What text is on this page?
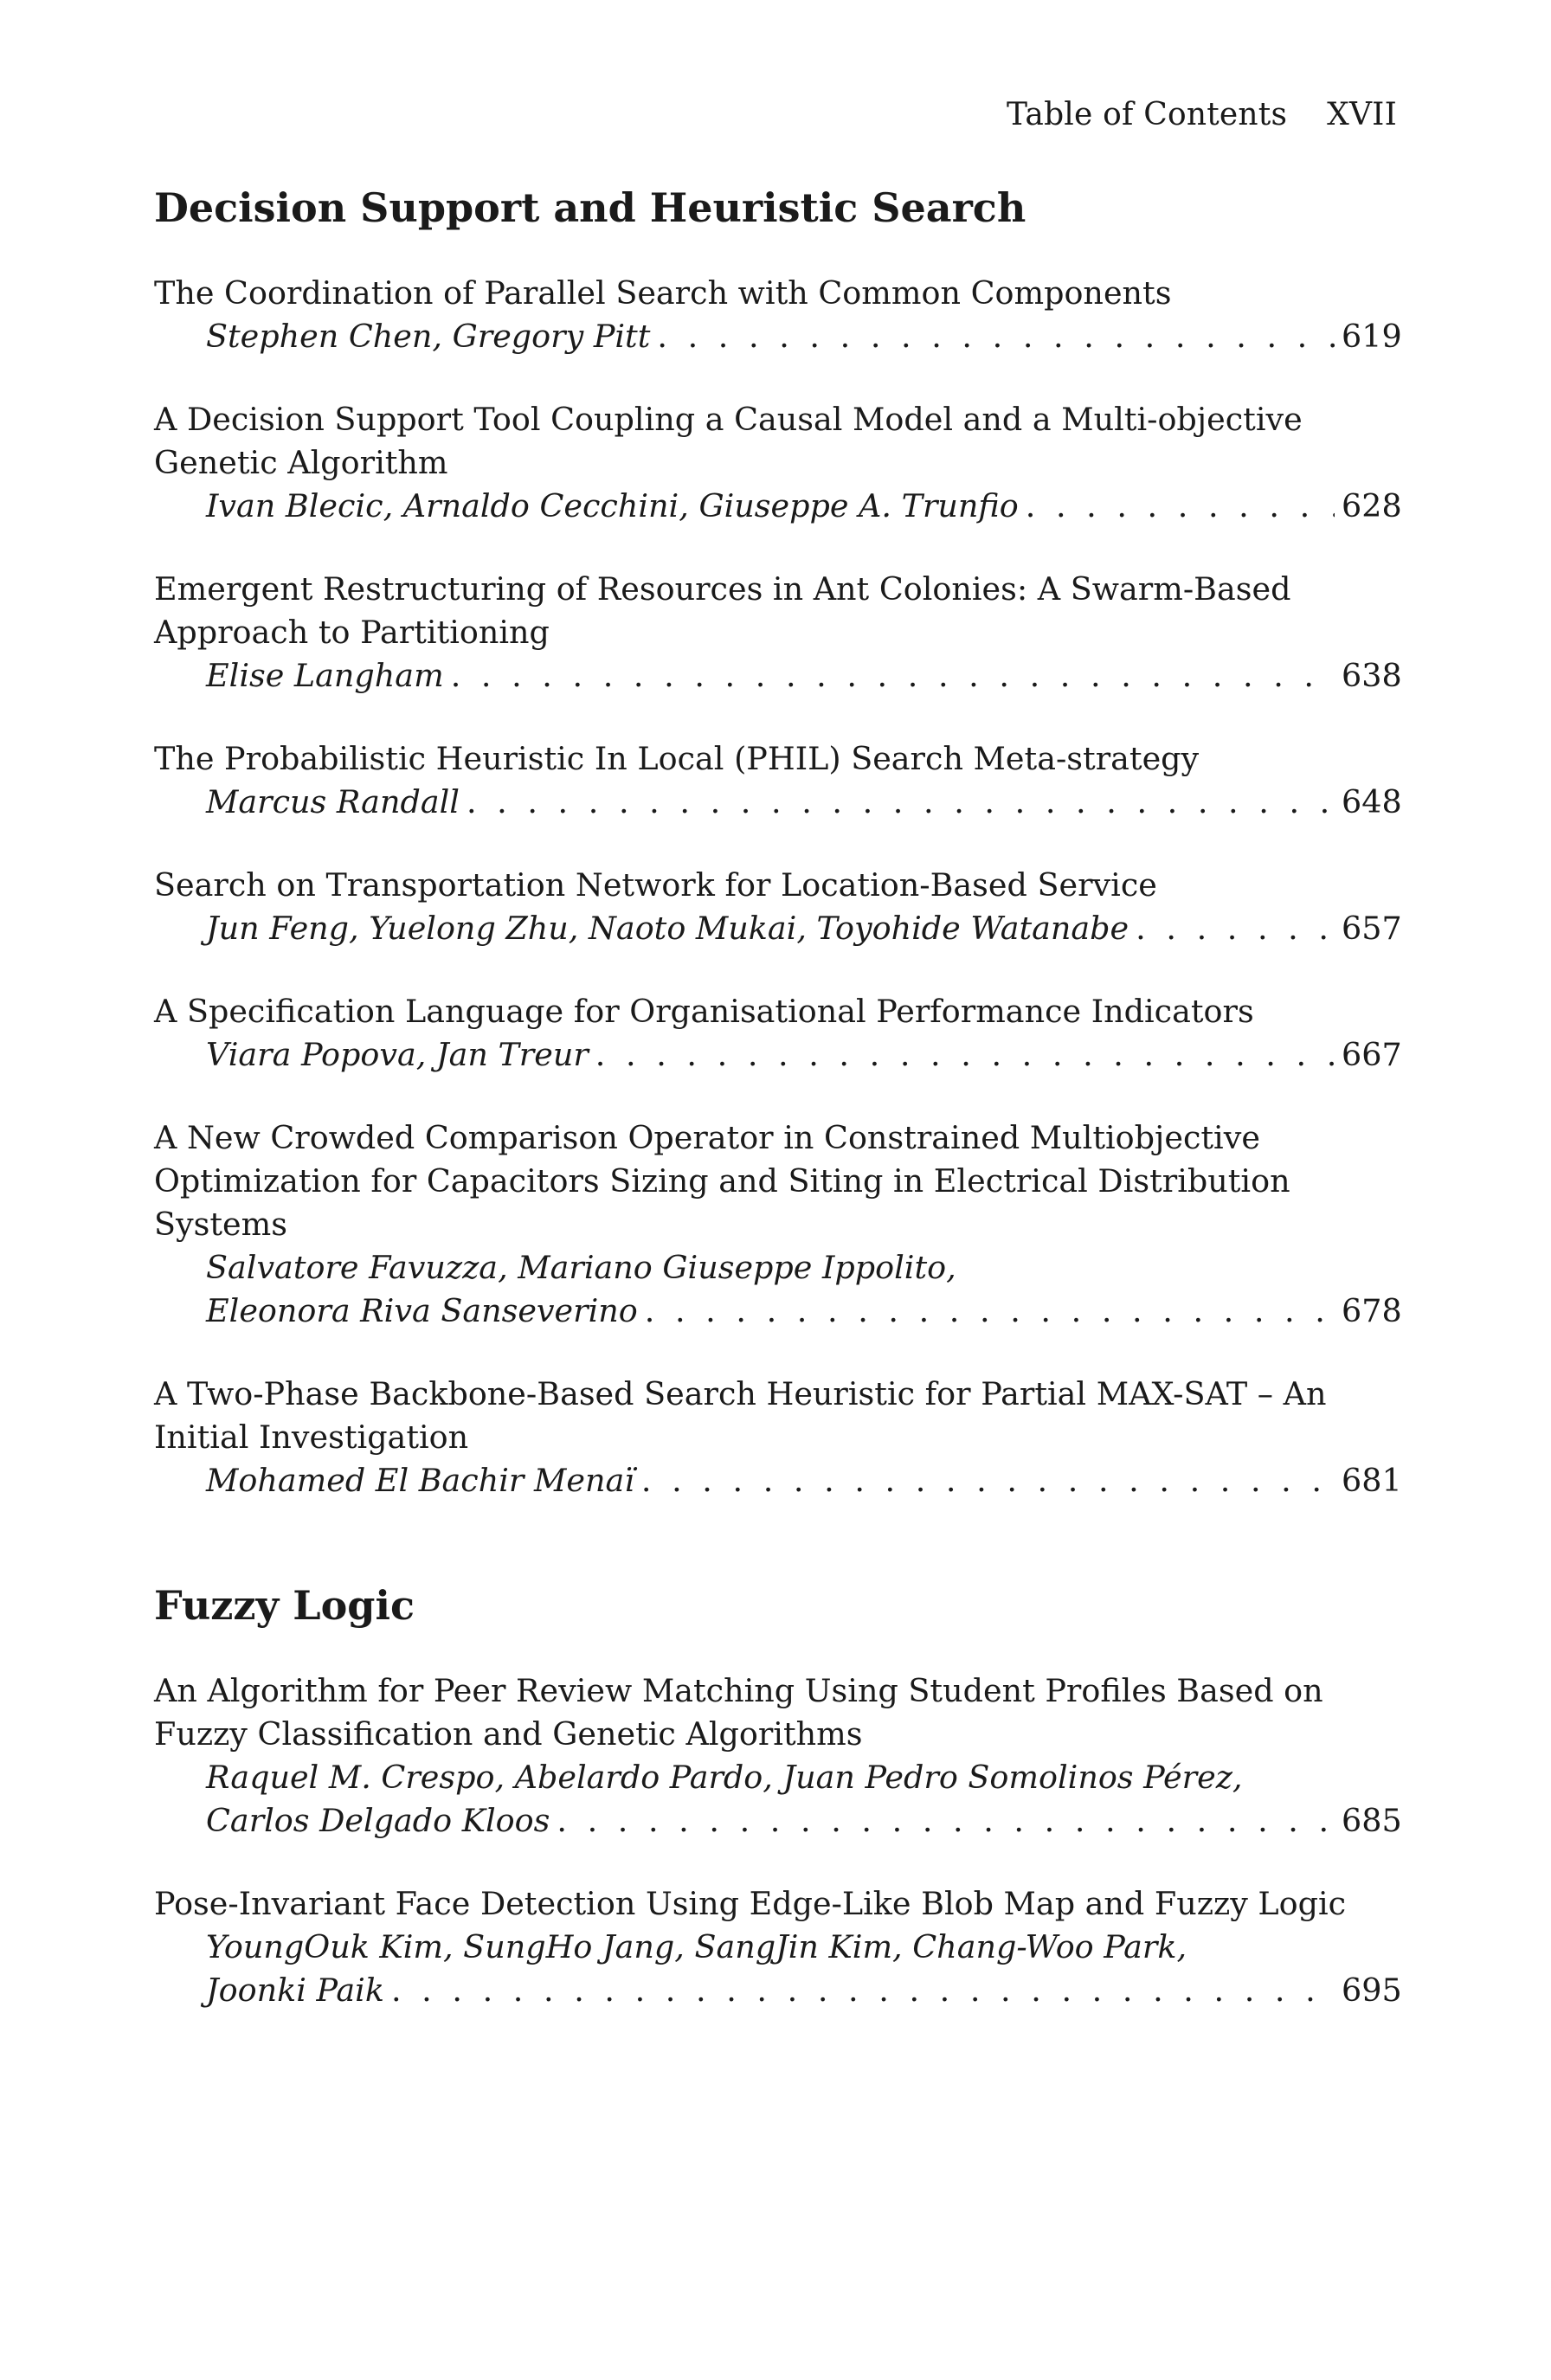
Table of Contents XVII
Decision Support and Heuristic Search
The Coordination of Parallel Search with Common Components
Stephen Chen, Gregory Pitt . . .	619
A Decision Support Tool Coupling a Causal Model and a Multi-objective Genetic Algorithm
Ivan Blecic, Arnaldo Cecchini, Giuseppe A. Trunfio . . .	628
Emergent Restructuring of Resources in Ant Colonies: A Swarm-Based Approach to Partitioning
Elise Langham . . .	638
The Probabilistic Heuristic In Local (PHIL) Search Meta-strategy
Marcus Randall . . .	648
Search on Transportation Network for Location-Based Service
Jun Feng, Yuelong Zhu, Naoto Mukai, Toyohide Watanabe . . .	657
A Specification Language for Organisational Performance Indicators
Viara Popova, Jan Treur . . .	667
A New Crowded Comparison Operator in Constrained Multiobjective Optimization for Capacitors Sizing and Siting in Electrical Distribution Systems
Salvatore Favuzza, Mariano Giuseppe Ippolito,
Eleonora Riva Sanseverino . . .	678
A Two-Phase Backbone-Based Search Heuristic for Partial MAX-SAT – An Initial Investigation
Mohamed El Bachir Menaï . . .	681
Fuzzy Logic
An Algorithm for Peer Review Matching Using Student Profiles Based on Fuzzy Classification and Genetic Algorithms
Raquel M. Crespo, Abelardo Pardo, Juan Pedro Somolinos Pérez,
Carlos Delgado Kloos . . .	685
Pose-Invariant Face Detection Using Edge-Like Blob Map and Fuzzy Logic
YoungOuk Kim, SungHo Jang, SangJin Kim, Chang-Woo Park,
Joonki Paik . . .	695
